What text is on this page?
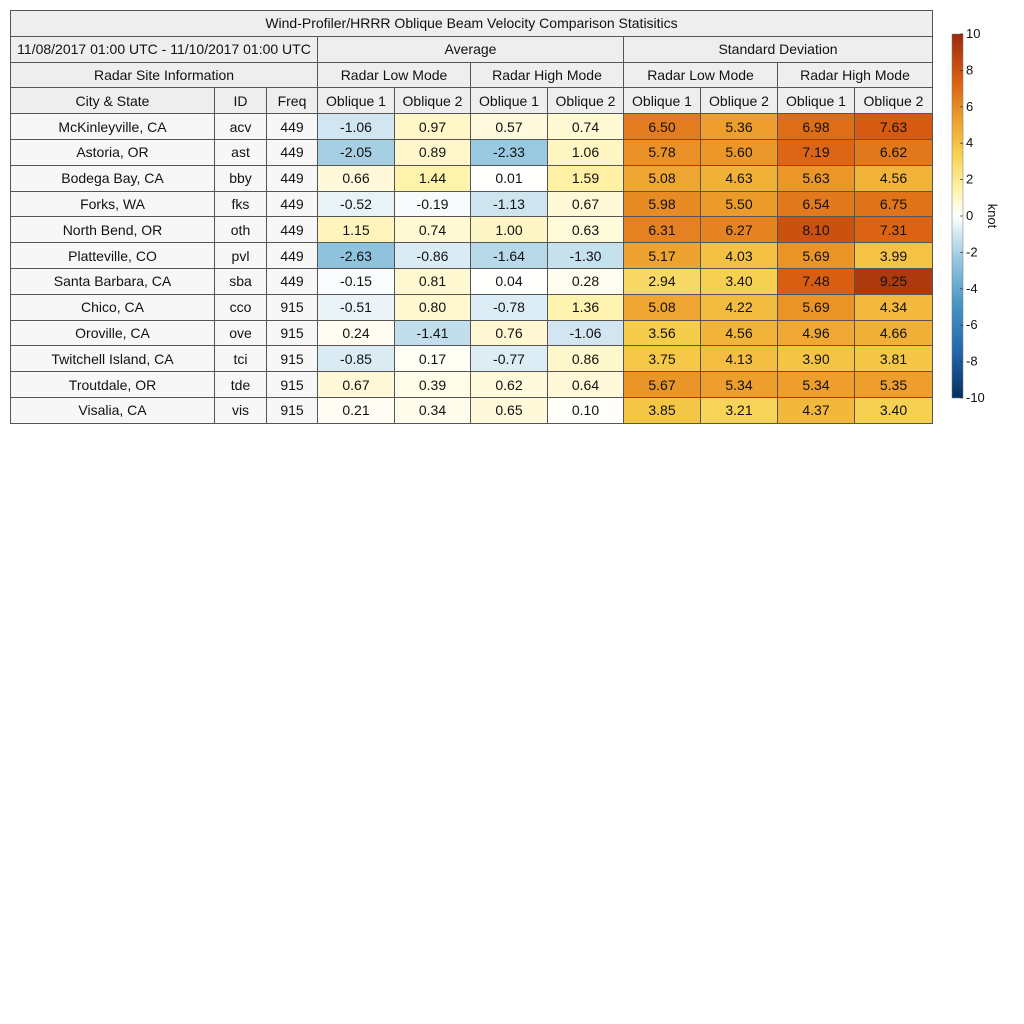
Wind-Profiler/HRRR Oblique Beam Velocity Comparison Statisitics										
11/08/2017 01:00 UTC - 11/10/2017 01:00 UTC			Average				Standard Deviation			
Radar Site Information			Radar Low Mode		Radar High Mode		Radar Low Mode		Radar High Mode	
City & State	ID	Freq	Oblique 1	Oblique 2	Oblique 1	Oblique 2	Oblique 1	Oblique 2	Oblique 1	Oblique 2
McKinleyville, CA	acv	449	-1.06	0.97	0.57	0.74	6.50	5.36	6.98	7.63
Astoria, OR	ast	449	-2.05	0.89	-2.33	1.06	5.78	5.60	7.19	6.62
Bodega Bay, CA	bby	449	0.66	1.44	0.01	1.59	5.08	4.63	5.63	4.56
Forks, WA	fks	449	-0.52	-0.19	-1.13	0.67	5.98	5.50	6.54	6.75
North Bend, OR	oth	449	1.15	0.74	1.00	0.63	6.31	6.27	8.10	7.31
Platteville, CO	pvl	449	-2.63	-0.86	-1.64	-1.30	5.17	4.03	5.69	3.99
Santa Barbara, CA	sba	449	-0.15	0.81	0.04	0.28	2.94	3.40	7.48	9.25
Chico, CA	cco	915	-0.51	0.80	-0.78	1.36	5.08	4.22	5.69	4.34
Oroville, CA	ove	915	0.24	-1.41	0.76	-1.06	3.56	4.56	4.96	4.66
Twitchell Island, CA	tci	915	-0.85	0.17	-0.77	0.86	3.75	4.13	3.90	3.81
Troutdale, OR	tde	915	0.67	0.39	0.62	0.64	5.67	5.34	5.34	5.35
Visalia, CA	vis	915	0.21	0.34	0.65	0.10	3.85	3.21	4.37	3.40
10
8
6
4
2
0
-2
-4
-6
-8
-10
knot
